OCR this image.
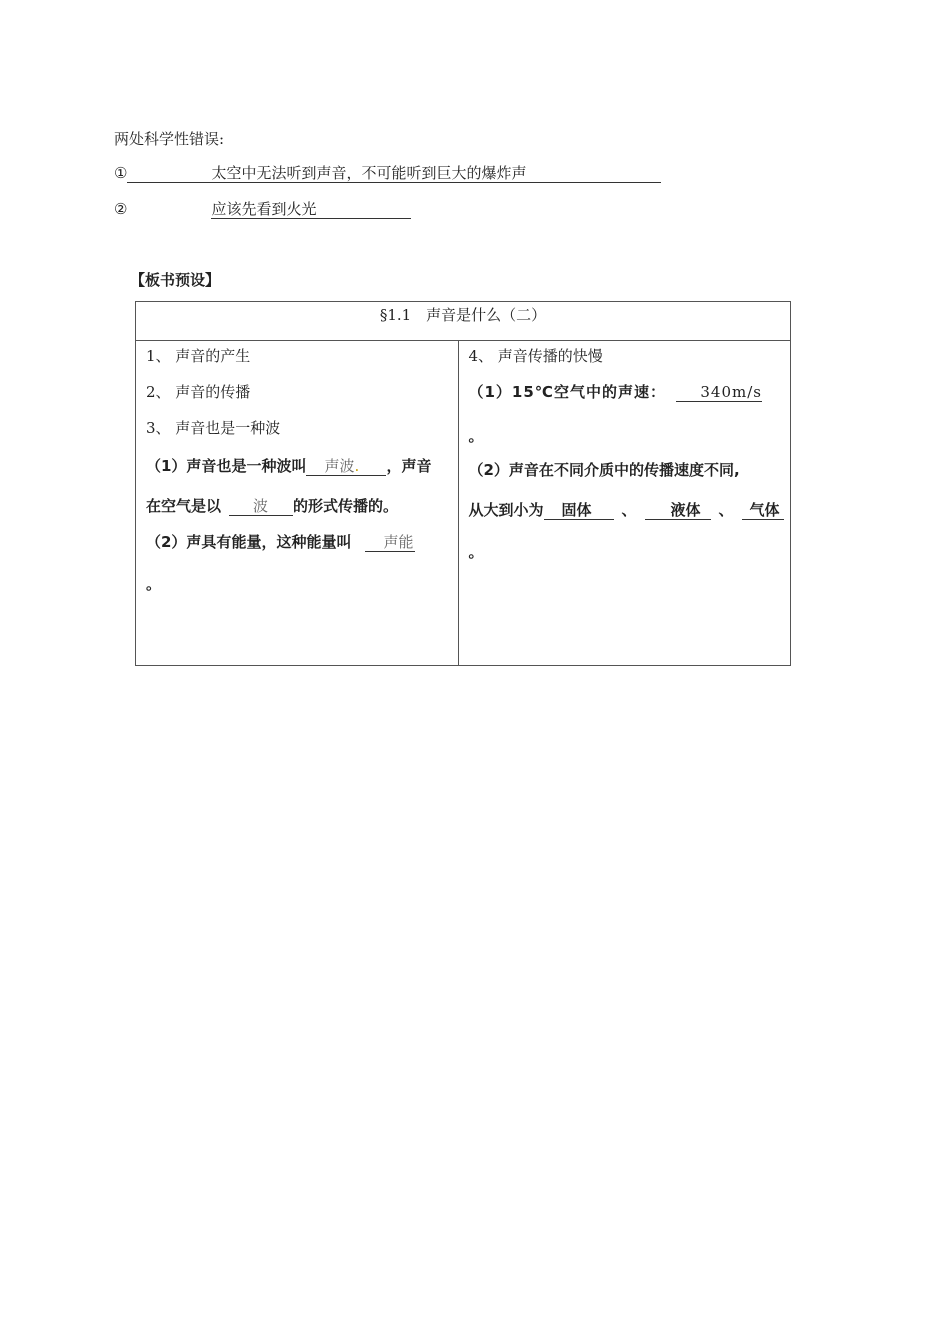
两处科学性错误:
①	太空中无法听到声音，不可能听到巨大的爆炸声
②	应该先看到火光
【板书预设】
§1.1　声音是什么（二）

1、 声音的产生
2、 声音的传播
3、 声音也是一种波
（1）声音也是一种波叫 声波. ，声音
在空气是以 波 的形式传播的。
（2）声具有能量，这种能量叫 声能
。

4、 声音传播的快慢
（1）15℃空气中的声速： 340m/s
。
（2）声音在不同介质中的传播速度不同,
从大到小为 固体 、 液体 、 气体
。
